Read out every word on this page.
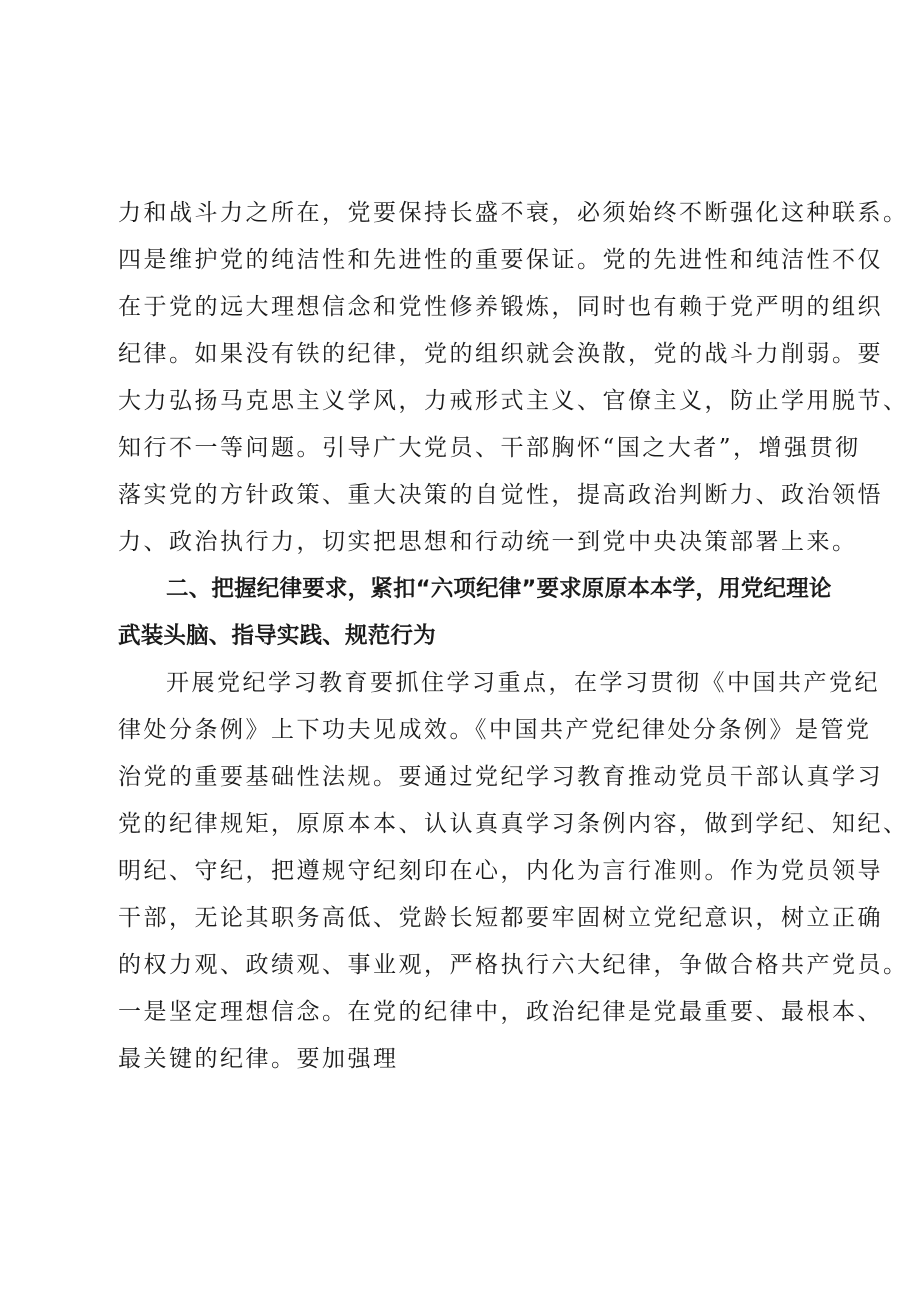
力和战斗力之所在，党要保持长盛不衰，必须始终不断强化这种联系。
四是维护党的纯洁性和先进性的重要保证。党的先进性和纯洁性不仅
在于党的远大理想信念和党性修养锻炼，同时也有赖于党严明的组织
纪律。如果没有铁的纪律，党的组织就会涣散，党的战斗力削弱。要
大力弘扬马克思主义学风，力戒形式主义、官僚主义，防止学用脱节、
知行不一等问题。引导广大党员、干部胸怀“国之大者”，增强贯彻
落实党的方针政策、重大决策的自觉性，提高政治判断力、政治领悟
力、政治执行力，切实把思想和行动统一到党中央决策部署上来。
二、把握纪律要求，紧扣“六项纪律”要求原原本本学，用党纪理论
武装头脑、指导实践、规范行为
开展党纪学习教育要抓住学习重点，在学习贯彻《中国共产党纪
律处分条例》上下功夫见成效。《中国共产党纪律处分条例》是管党
治党的重要基础性法规。要通过党纪学习教育推动党员干部认真学习
党的纪律规矩，原原本本、认认真真学习条例内容，做到学纪、知纪、
明纪、守纪，把遵规守纪刻印在心，内化为言行准则。作为党员领导
干部，无论其职务高低、党龄长短都要牢固树立党纪意识，树立正确
的权力观、政绩观、事业观，严格执行六大纪律，争做合格共产党员。
一是坚定理想信念。在党的纪律中，政治纪律是党最重要、最根本、
最关键的纪律。要加强理
